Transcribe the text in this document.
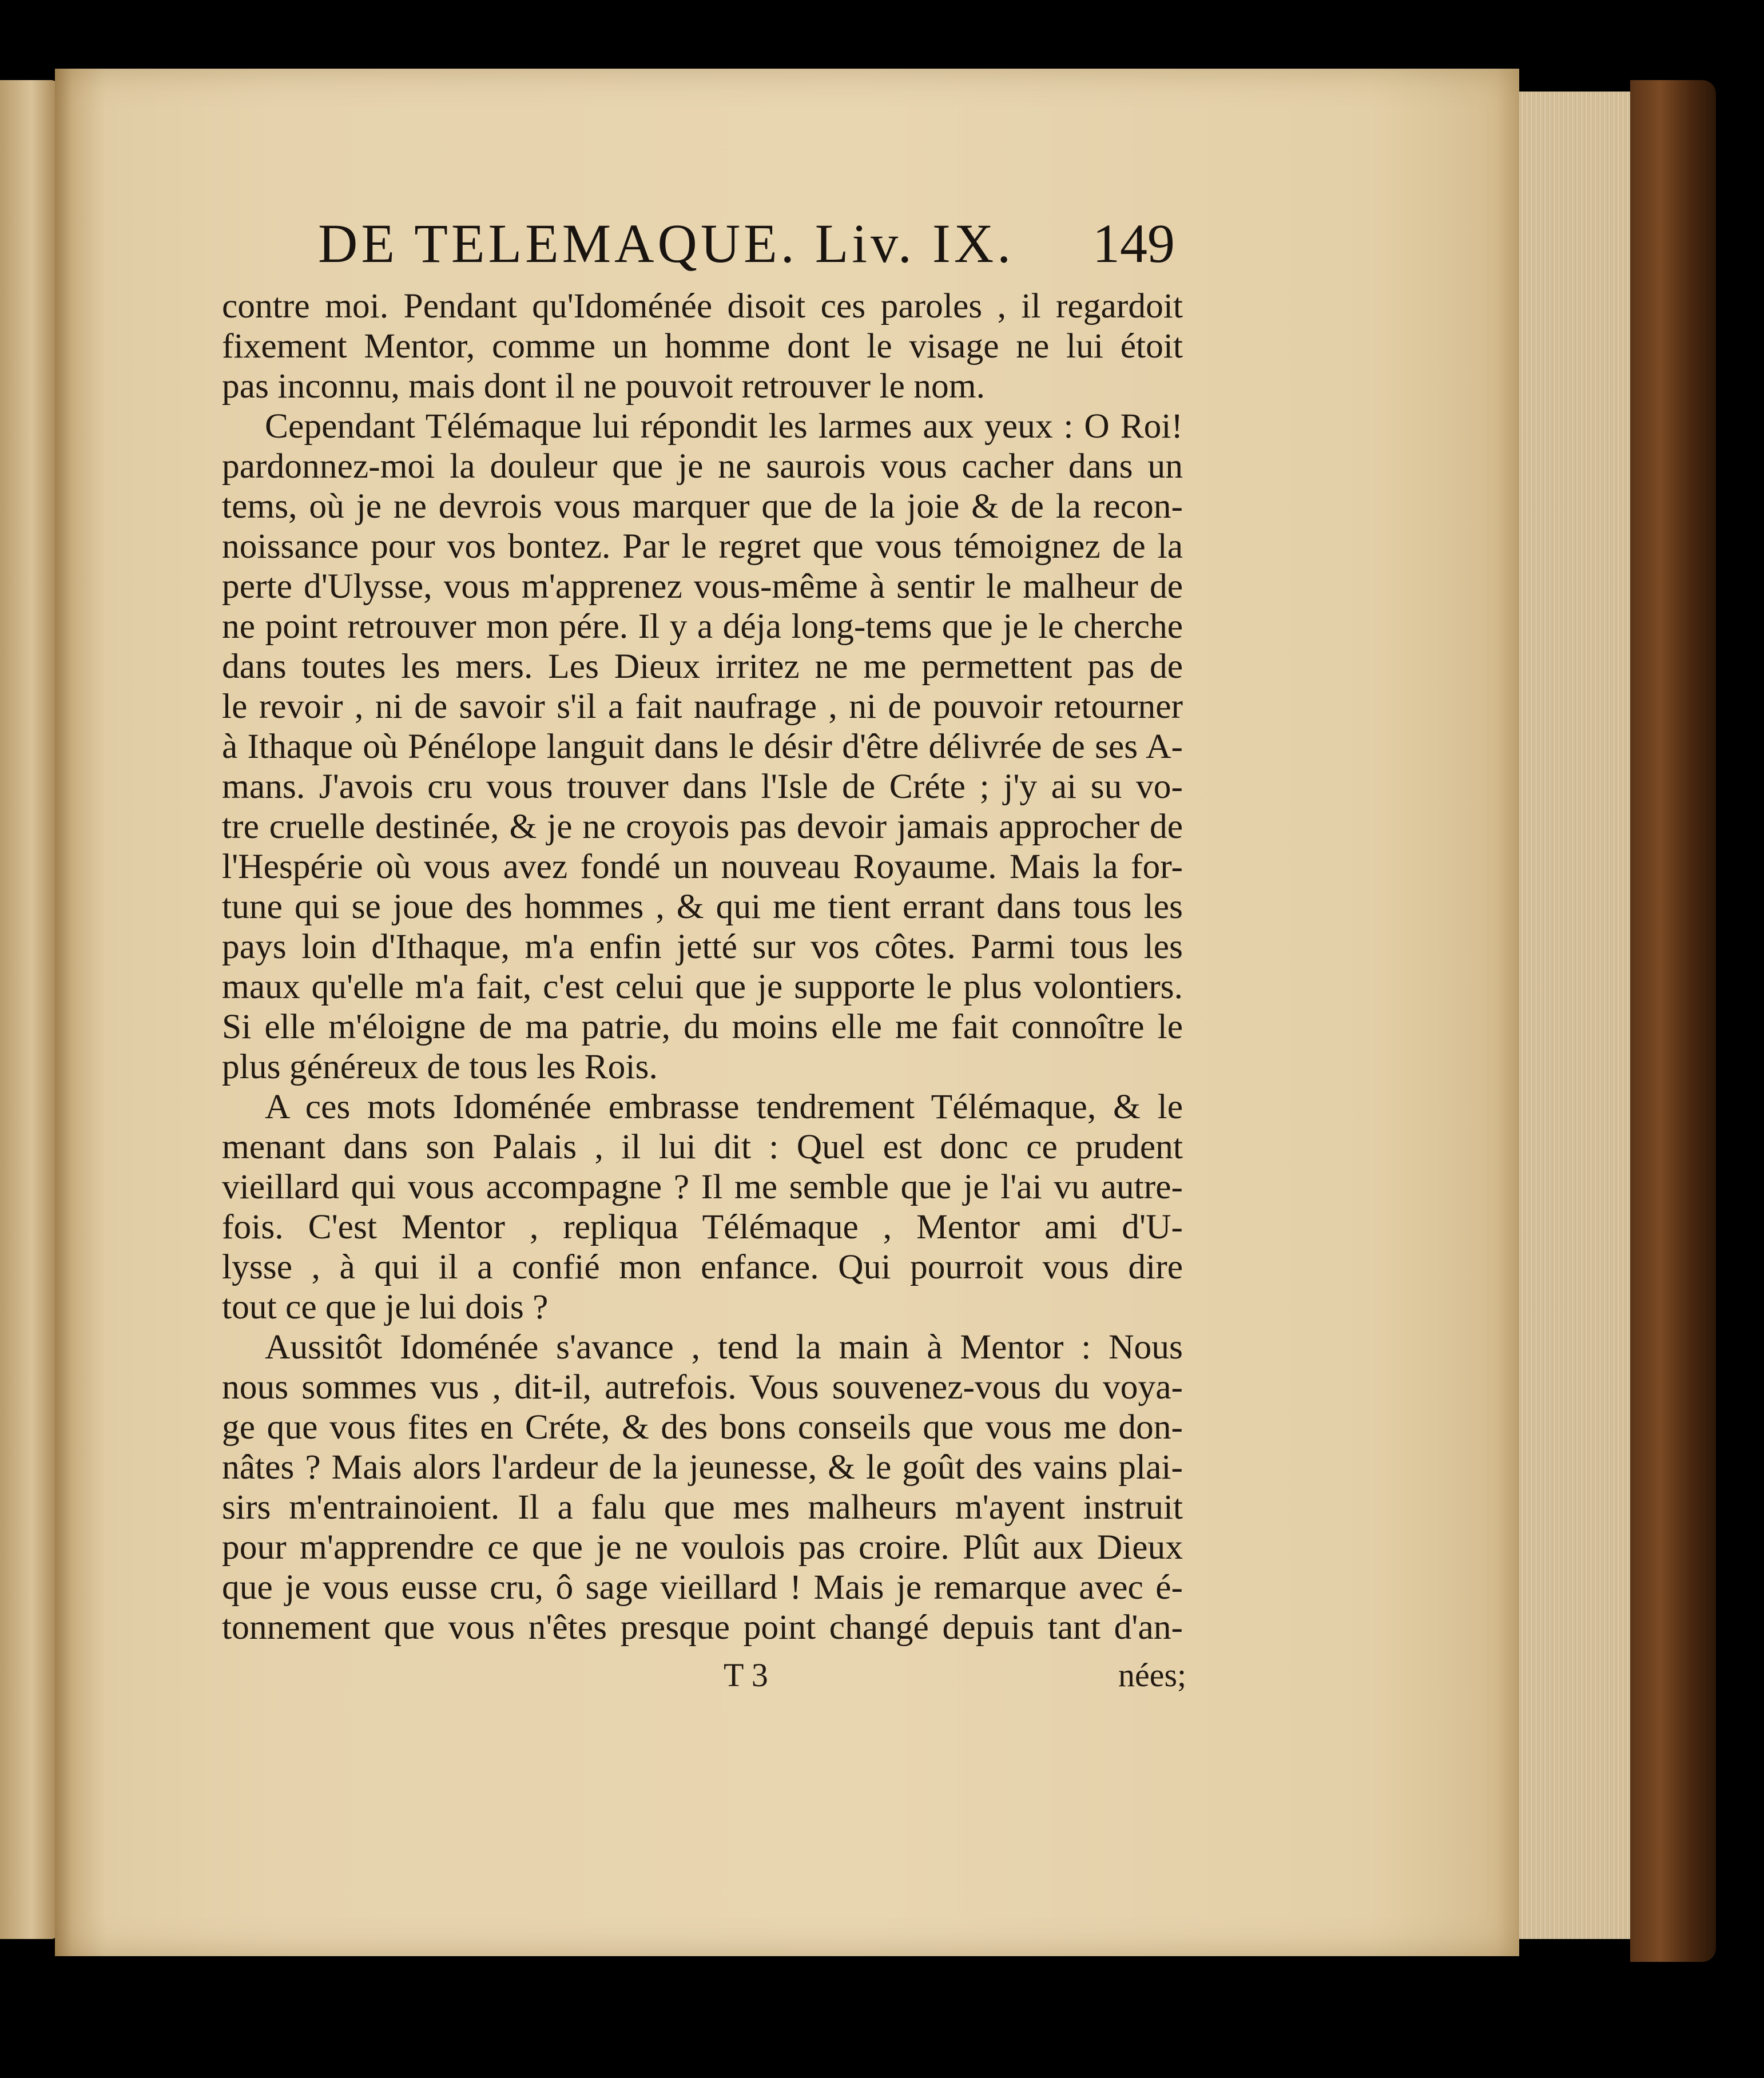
DE TELEMAQUE. Liv. IX. 149
contre moi. Pendant qu'Idoménée disoit ces paroles , il regardoit
fixement Mentor, comme un homme dont le visage ne lui étoit
pas inconnu, mais dont il ne pouvoit retrouver le nom.
Cependant Télémaque lui répondit les larmes aux yeux : O Roi!
pardonnez-moi la douleur que je ne saurois vous cacher dans un
tems, où je ne devrois vous marquer que de la joie & de la recon-
noissance pour vos bontez. Par le regret que vous témoignez de la
perte d'Ulysse, vous m'apprenez vous-même à sentir le malheur de
ne point retrouver mon pére. Il y a déja long-tems que je le cherche
dans toutes les mers. Les Dieux irritez ne me permettent pas de
le revoir , ni de savoir s'il a fait naufrage , ni de pouvoir retourner
à Ithaque où Pénélope languit dans le désir d'être délivrée de ses A-
mans. J'avois cru vous trouver dans l'Isle de Créte ; j'y ai su vo-
tre cruelle destinée, & je ne croyois pas devoir jamais approcher de
l'Hespérie où vous avez fondé un nouveau Royaume. Mais la for-
tune qui se joue des hommes , & qui me tient errant dans tous les
pays loin d'Ithaque, m'a enfin jetté sur vos côtes. Parmi tous les
maux qu'elle m'a fait, c'est celui que je supporte le plus volontiers.
Si elle m'éloigne de ma patrie, du moins elle me fait connoître le
plus généreux de tous les Rois.
A ces mots Idoménée embrasse tendrement Télémaque, & le
menant dans son Palais , il lui dit : Quel est donc ce prudent
vieillard qui vous accompagne ? Il me semble que je l'ai vu autre-
fois. C'est Mentor , repliqua Télémaque , Mentor ami d'U-
lysse , à qui il a confié mon enfance. Qui pourroit vous dire
tout ce que je lui dois ?
Aussitôt Idoménée s'avance , tend la main à Mentor : Nous
nous sommes vus , dit-il, autrefois. Vous souvenez-vous du voya-
ge que vous fites en Créte, & des bons conseils que vous me don-
nâtes ? Mais alors l'ardeur de la jeunesse, & le goût des vains plai-
sirs m'entrainoient. Il a falu que mes malheurs m'ayent instruit
pour m'apprendre ce que je ne voulois pas croire. Plût aux Dieux
que je vous eusse cru, ô sage vieillard ! Mais je remarque avec é-
tonnement que vous n'êtes presque point changé depuis tant d'an-
T 3	nées;
